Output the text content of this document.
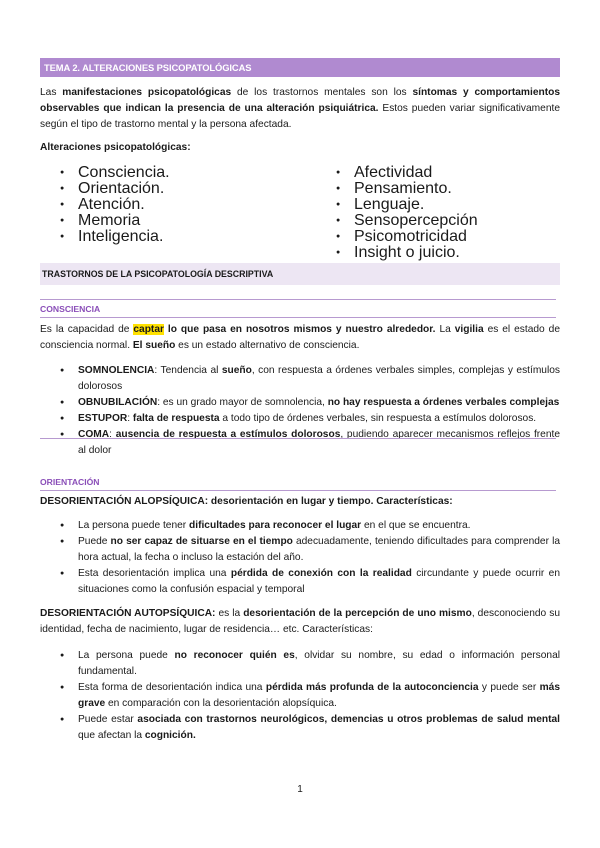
TEMA 2. ALTERACIONES PSICOPATOLÓGICAS
Las manifestaciones psicopatológicas de los trastornos mentales son los síntomas y comportamientos observables que indican la presencia de una alteración psiquiátrica. Estos pueden variar significativamente según el tipo de trastorno mental y la persona afectada.
Alteraciones psicopatológicas:
● Consciencia.
● Orientación.
● Atención.
● Memoria
● Inteligencia.
● Afectividad
● Pensamiento.
● Lenguaje.
● Sensopercepción
● Psicomotricidad
● Insight o juicio.
TRASTORNOS DE LA PSICOPATOLOGÍA DESCRIPTIVA
CONSCIENCIA
Es la capacidad de captar lo que pasa en nosotros mismos y nuestro alrededor. La vigilia es el estado de consciencia normal. El sueño es un estado alternativo de consciencia.
● SOMNOLENCIA: Tendencia al sueño, con respuesta a órdenes verbales simples, complejas y estímulos dolorosos
● OBNUBILACIÓN: es un grado mayor de somnolencia, no hay respuesta a órdenes verbales complejas
● ESTUPOR: falta de respuesta a todo tipo de órdenes verbales, sin respuesta a estímulos dolorosos.
● COMA: ausencia de respuesta a estímulos dolorosos, pudiendo aparecer mecanismos reflejos frente al dolor
ORIENTACIÓN
DESORIENTACIÓN ALOPSÍQUICA: desorientación en lugar y tiempo. Características:
● La persona puede tener dificultades para reconocer el lugar en el que se encuentra.
● Puede no ser capaz de situarse en el tiempo adecuadamente, teniendo dificultades para comprender la hora actual, la fecha o incluso la estación del año.
● Esta desorientación implica una pérdida de conexión con la realidad circundante y puede ocurrir en situaciones como la confusión espacial y temporal
DESORIENTACIÓN AUTOPSÍQUICA: es la desorientación de la percepción de uno mismo, desconociendo su identidad, fecha de nacimiento, lugar de residencia… etc. Características:
● La persona puede no reconocer quién es, olvidar su nombre, su edad o información personal fundamental.
● Esta forma de desorientación indica una pérdida más profunda de la autoconciencia y puede ser más grave en comparación con la desorientación alopsíquica.
● Puede estar asociada con trastornos neurológicos, demencias u otros problemas de salud mental que afectan la cognición.
1
